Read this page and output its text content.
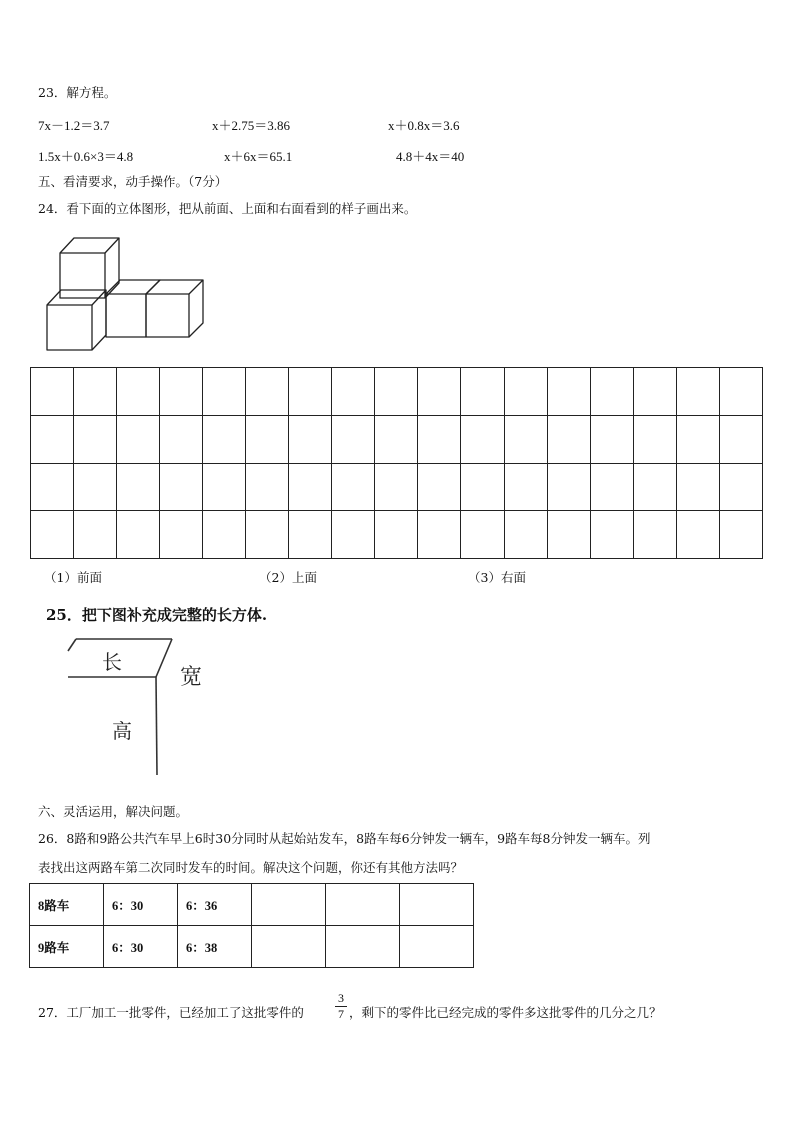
23．解方程。
7x－1.2＝3.7	x＋2.75＝3.86	x＋0.8x＝3.6
1.5x＋0.6×3＝4.8	x＋6x＝65.1	4.8＋4x＝40
五、看清要求，动手操作。（7分）
24．看下面的立体图形，把从前面、上面和右面看到的样子画出来。

（1）前面	（2）上面	（3）右面
25．把下图补充成完整的长方体.
长
宽
高
六、灵活运用，解决问题。
26．8路和9路公共汽车早上6时30分同时从起始站发车，8路车每6分钟发一辆车，9路车每8分钟发一辆车。列
表找出这两路车第二次同时发车的时间。解决这个问题，你还有其他方法吗？
8路车	6：30	6：36			
9路车	6：30	6：38			
27．工厂加工一批零件，已经加工了这批零件的
3
7 ，剩下的零件比已经完成的零件多这批零件的几分之几？
